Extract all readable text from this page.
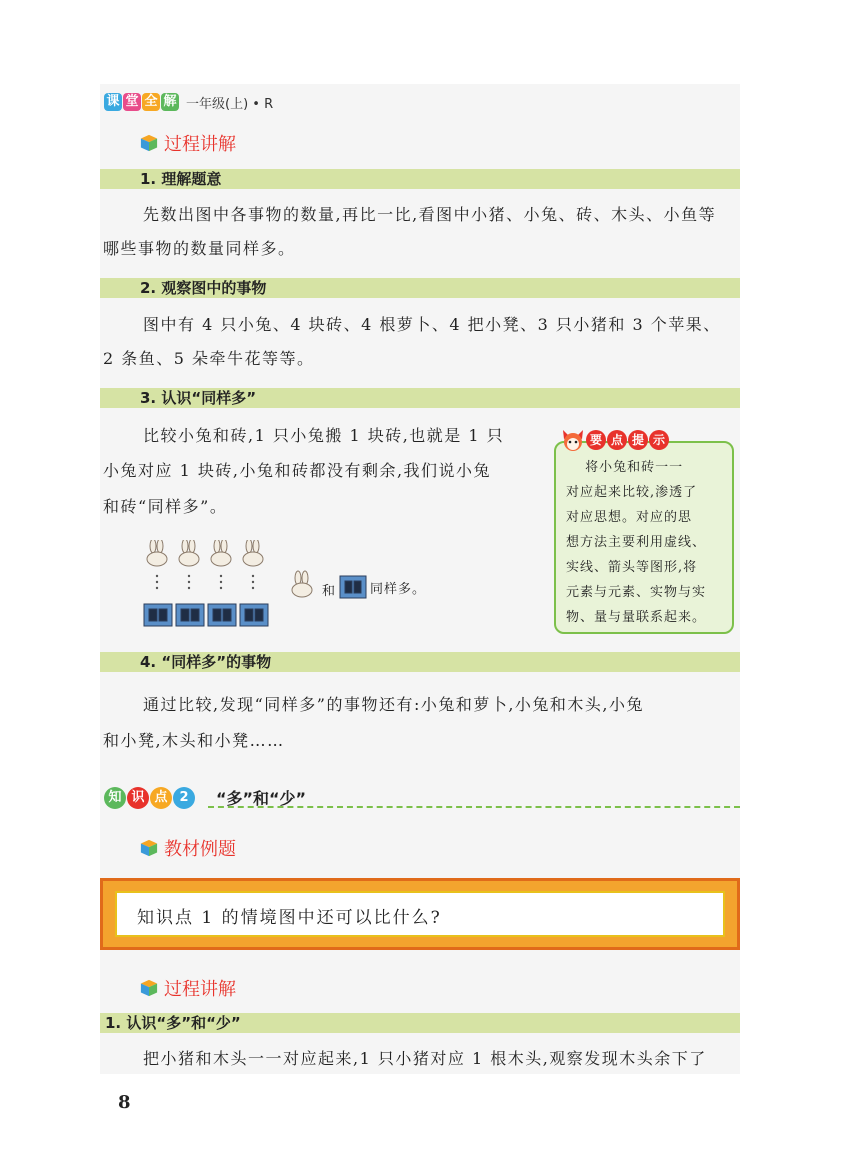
课 堂 全 解 一年级(上) • R
过程讲解
1. 理解题意
先数出图中各事物的数量,再比一比,看图中小猪、小兔、砖、木头、小鱼等
哪些事物的数量同样多。
2. 观察图中的事物
图中有 4 只小兔、4 块砖、4 根萝卜、4 把小凳、3 只小猪和 3 个苹果、
2 条鱼、5 朵牵牛花等等。
3. 认识“同样多”
比较小兔和砖,1 只小兔搬 1 块砖,也就是 1 只
小兔对应 1 块砖,小兔和砖都没有剩余,我们说小兔
和砖“同样多”。
和	同样多。
　 将小兔和砖一一
对应起来比较,渗透了
对应思想。对应的思
想方法主要利用虚线、
实线、箭头等图形,将
元素与元素、实物与实
物、量与量联系起来。
要 点 提 示
4. “同样多”的事物
通过比较,发现“同样多”的事物还有:小兔和萝卜,小兔和木头,小兔
和小凳,木头和小凳……
知 识 点 2	“多”和“少”
教材例题
知识点 1 的情境图中还可以比什么?
过程讲解
1. 认识“多”和“少”
把小猪和木头一一对应起来,1 只小猪对应 1 根木头,观察发现木头余下了
8
